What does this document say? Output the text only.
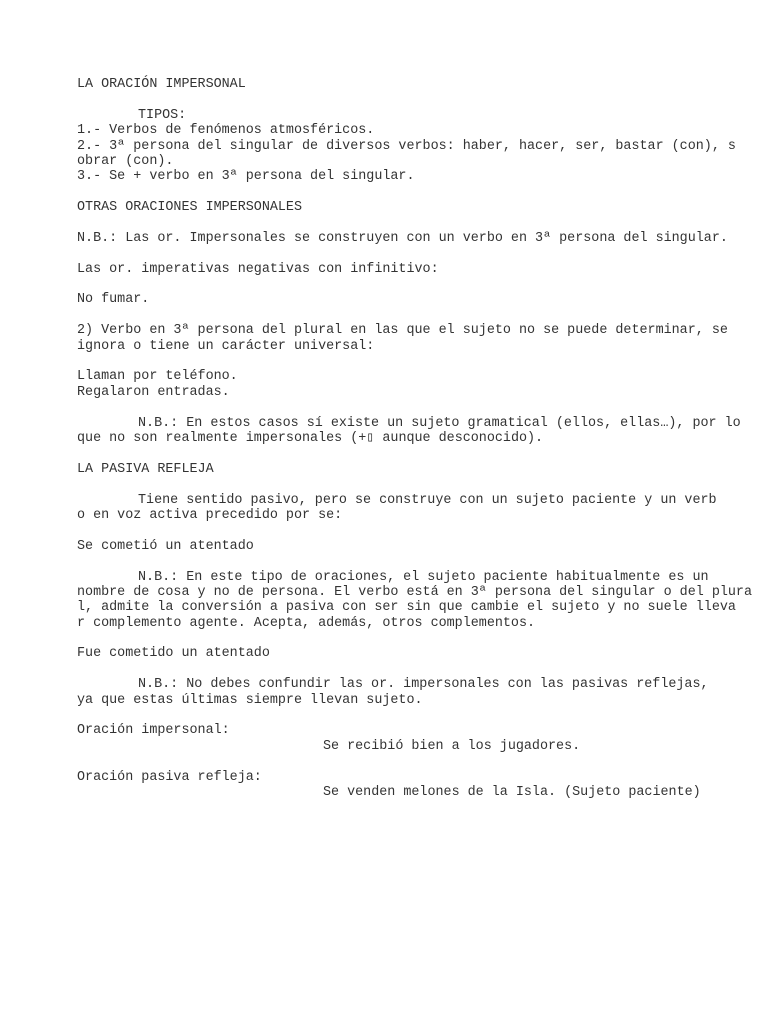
LA ORACIÓN IMPERSONAL
TIPOS:
1.- Verbos de fenómenos atmosféricos.
2.- 3ª persona del singular de diversos verbos: haber, hacer, ser, bastar (con), s
obrar (con).
3.- Se + verbo en 3ª persona del singular.
OTRAS ORACIONES IMPERSONALES
N.B.: Las or. Impersonales se construyen con un verbo en 3ª persona del singular.
Las or. imperativas negativas con infinitivo:
No fumar.
2) Verbo en 3ª persona del plural en las que el sujeto no se puede determinar, se
ignora o tiene un carácter universal:
Llaman por teléfono.
Regalaron entradas.
N.B.: En estos casos sí existe un sujeto gramatical (ellos, ellas…), por lo
que no son realmente impersonales (+▯ aunque desconocido).
LA PASIVA REFLEJA
Tiene sentido pasivo, pero se construye con un sujeto paciente y un verb
o en voz activa precedido por se:
Se cometió un atentado
N.B.: En este tipo de oraciones, el sujeto paciente habitualmente es un
nombre de cosa y no de persona. El verbo está en 3ª persona del singular o del plura
l, admite la conversión a pasiva con ser sin que cambie el sujeto y no suele lleva
r complemento agente. Acepta, además, otros complementos.
Fue cometido un atentado
N.B.: No debes confundir las or. impersonales con las pasivas reflejas,
ya que estas últimas siempre llevan sujeto.
Oración impersonal:
Se recibió bien a los jugadores.
Oración pasiva refleja:
Se venden melones de la Isla. (Sujeto paciente)
